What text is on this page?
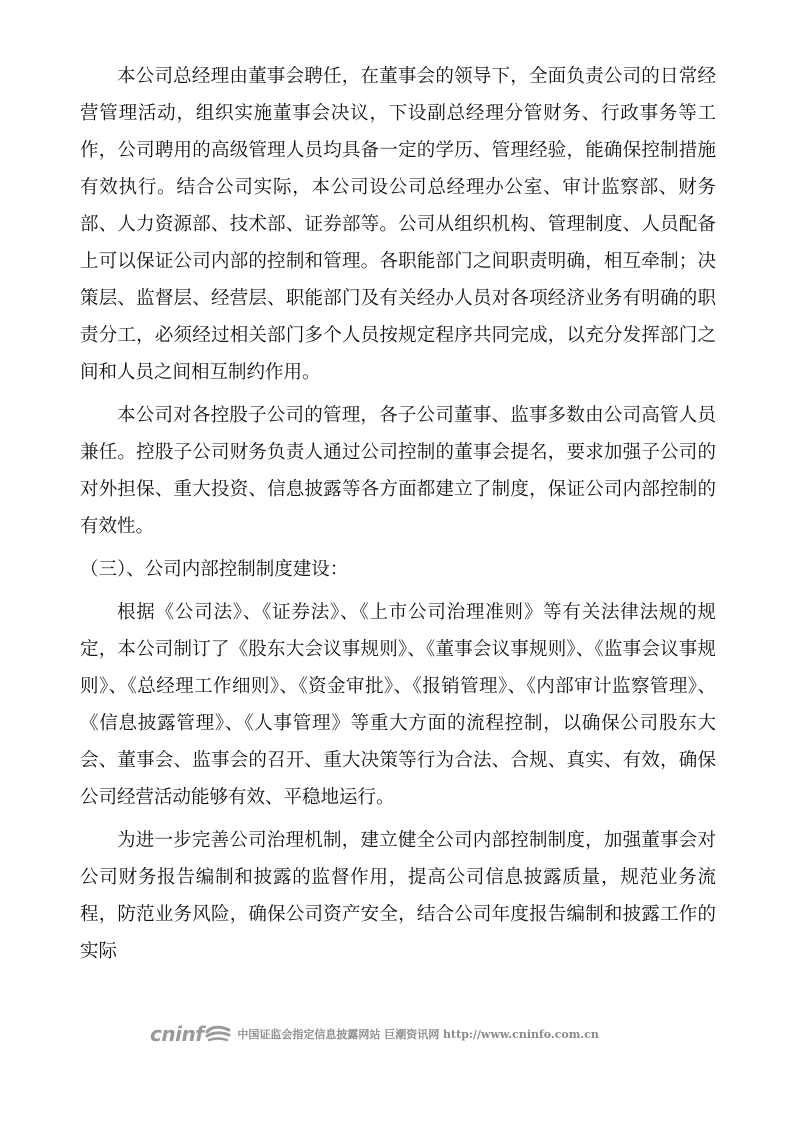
本公司总经理由董事会聘任，在董事会的领导下，全面负责公司的日常经营管理活动，组织实施董事会决议，下设副总经理分管财务、行政事务等工作，公司聘用的高级管理人员均具备一定的学历、管理经验，能确保控制措施有效执行。结合公司实际，本公司设公司总经理办公室、审计监察部、财务部、人力资源部、技术部、证券部等。公司从组织机构、管理制度、人员配备上可以保证公司内部的控制和管理。各职能部门之间职责明确，相互牵制；决策层、监督层、经营层、职能部门及有关经办人员对各项经济业务有明确的职责分工，必须经过相关部门多个人员按规定程序共同完成，以充分发挥部门之间和人员之间相互制约作用。

本公司对各控股子公司的管理，各子公司董事、监事多数由公司高管人员兼任。控股子公司财务负责人通过公司控制的董事会提名，要求加强子公司的对外担保、重大投资、信息披露等各方面都建立了制度，保证公司内部控制的有效性。

（三）、公司内部控制制度建设：

根据《公司法》、《证券法》、《上市公司治理准则》等有关法律法规的规定，本公司制订了《股东大会议事规则》、《董事会议事规则》、《监事会议事规则》、《总经理工作细则》、《资金审批》、《报销管理》、《内部审计监察管理》、《信息披露管理》、《人事管理》等重大方面的流程控制，以确保公司股东大会、董事会、监事会的召开、重大决策等行为合法、合规、真实、有效，确保公司经营活动能够有效、平稳地运行。

为进一步完善公司治理机制，建立健全公司内部控制制度，加强董事会对公司财务报告编制和披露的监督作用，提高公司信息披露质量，规范业务流程，防范业务风险，确保公司资产安全，结合公司年度报告编制和披露工作的实际

cninf	中国证监会指定信息披露网站 巨潮资讯网 http://www.cninfo.com.cn
